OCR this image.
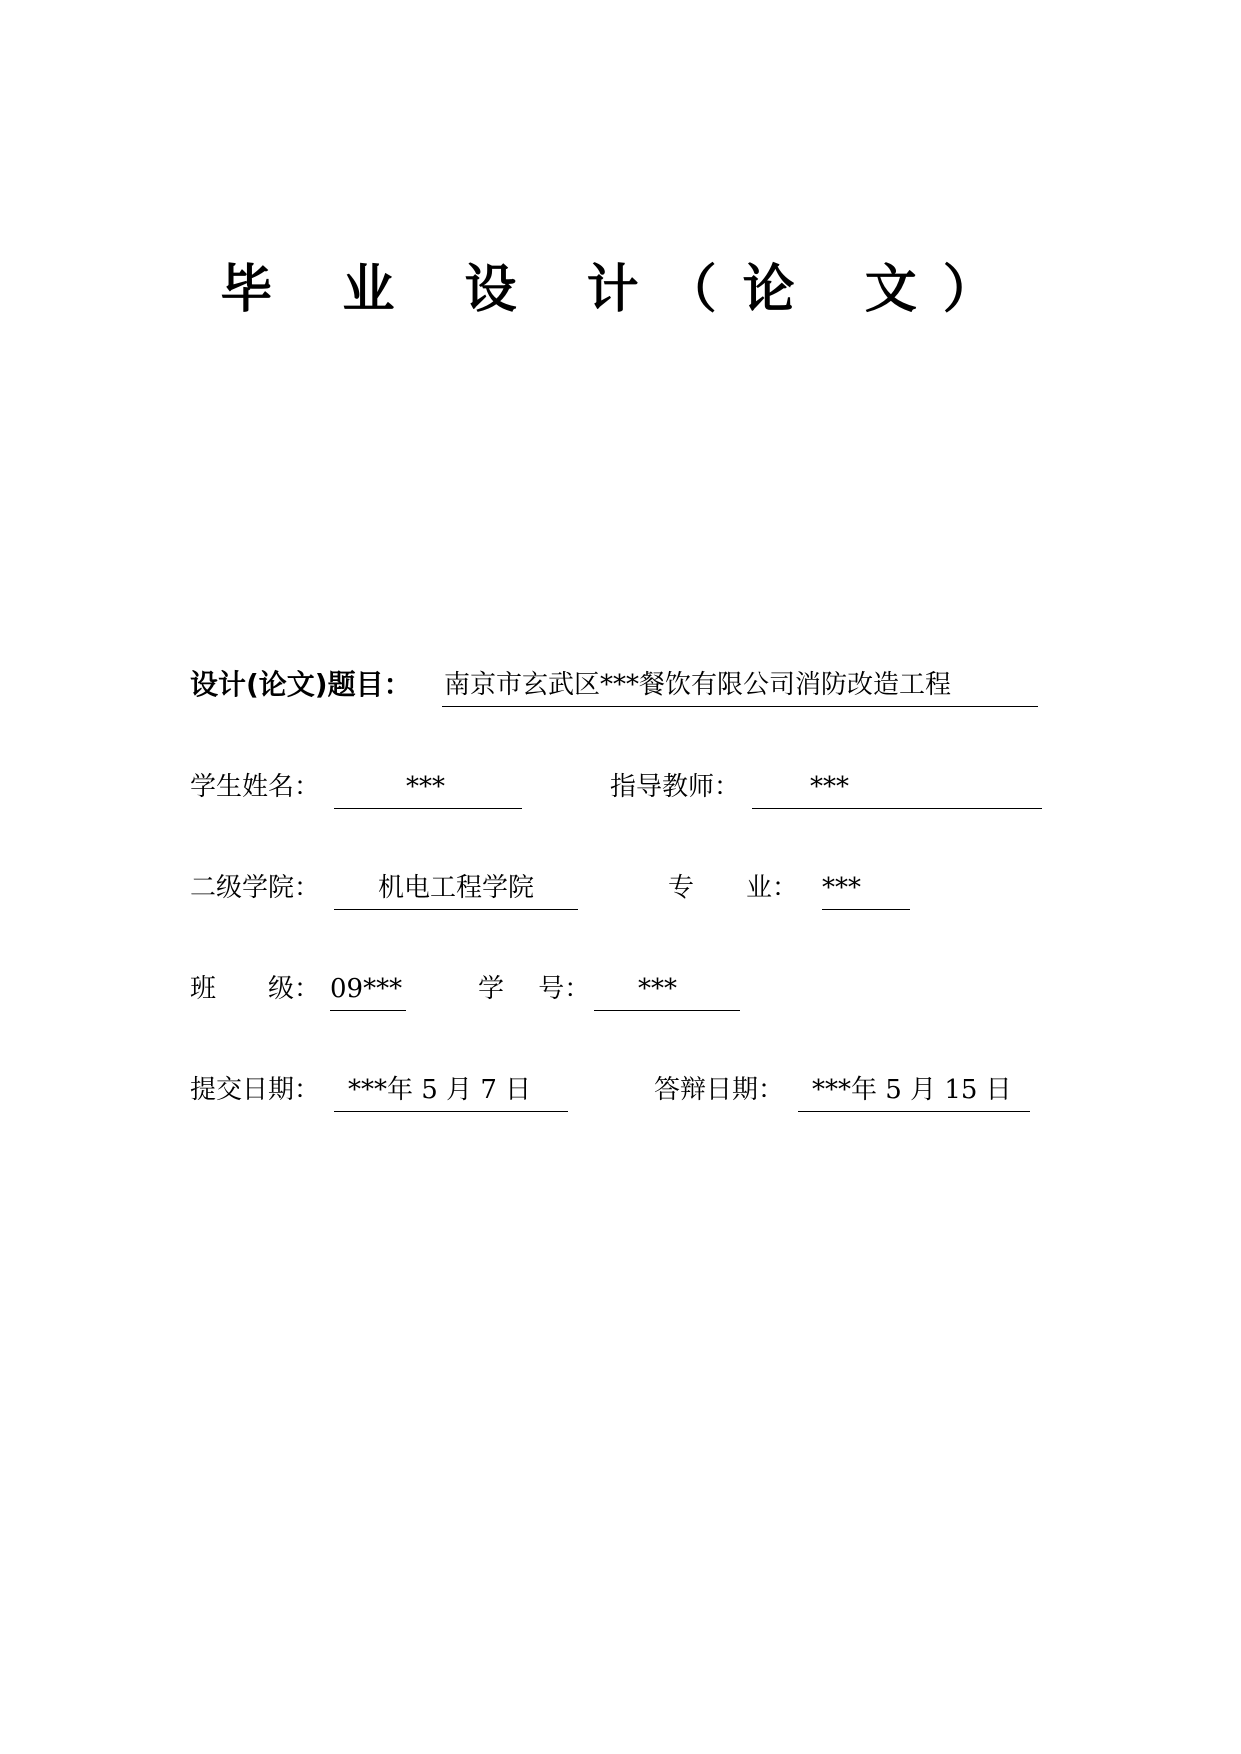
毕 业 设 计（论 文）
设计(论文)题目： 南京市玄武区***餐饮有限公司消防改造工程
学生姓名：	***	指导教师：	***
二级学院： 机电工程学院	专　　业： ***
班　　级： 09***	学　 号： ***
提交日期： ***年 5 月 7 日	答辩日期： ***年 5 月 15 日
